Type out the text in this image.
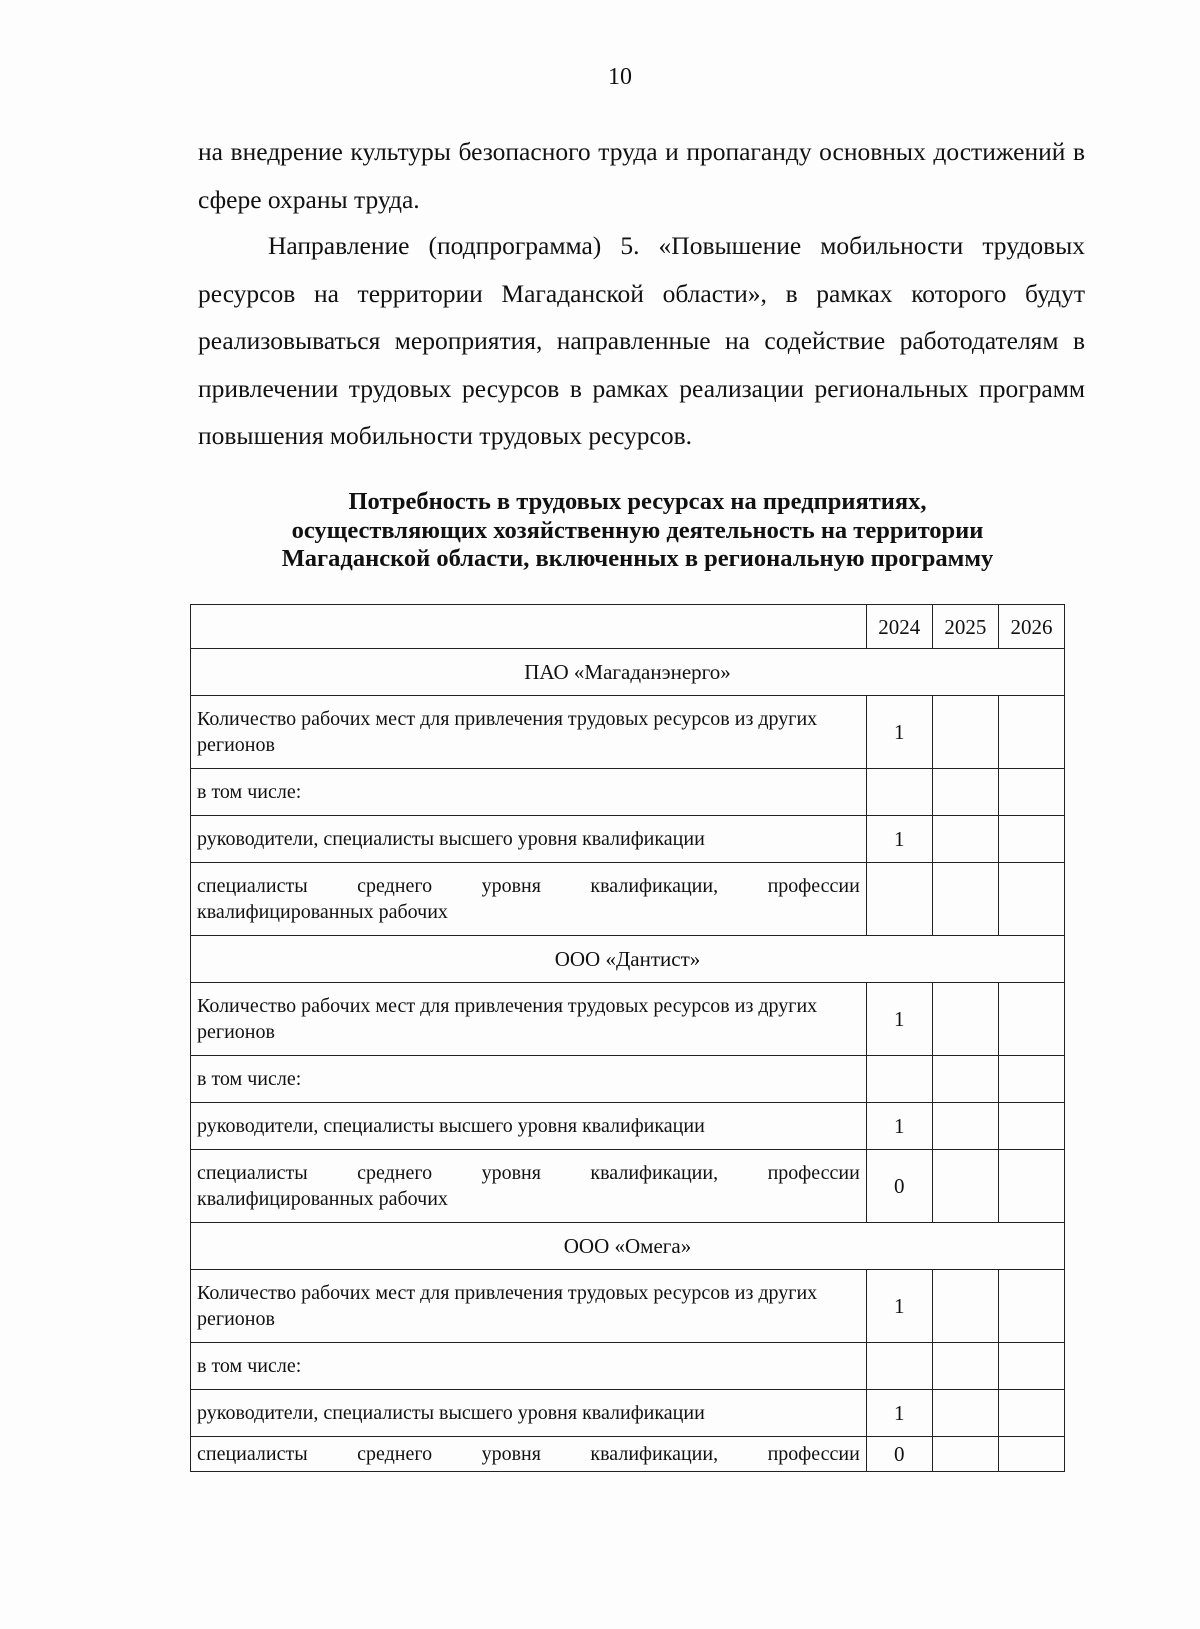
10

на внедрение культуры безопасного труда и пропаганду основных достижений в сфере охраны труда.

Направление (подпрограмма) 5. «Повышение мобильности трудовых ресурсов на территории Магаданской области», в рамках которого будут реализовываться мероприятия, направленные на содействие работодателям в привлечении трудовых ресурсов в рамках реализации региональных программ повышения мобильности трудовых ресурсов.

Потребность в трудовых ресурсах на предприятиях,
осуществляющих хозяйственную деятельность на территории
Магаданской области, включенных в региональную программу
	2024	2025	2026
ПАО «Магаданэнерго»			
Количество рабочих мест для привлечения трудовых ресурсов из других регионов	1		
в том числе:			
руководители, специалисты высшего уровня квалификации	1		
специалисты среднего уровня квалификации, профессии квалифицированных рабочих			
ООО «Дантист»			
Количество рабочих мест для привлечения трудовых ресурсов из других регионов	1		
в том числе:			
руководители, специалисты высшего уровня квалификации	1		
специалисты среднего уровня квалификации, профессии квалифицированных рабочих	0		
ООО «Омега»			
Количество рабочих мест для привлечения трудовых ресурсов из других регионов	1		
в том числе:			
руководители, специалисты высшего уровня квалификации	1		

специалисты среднего уровня квалификации, профессии	0		
